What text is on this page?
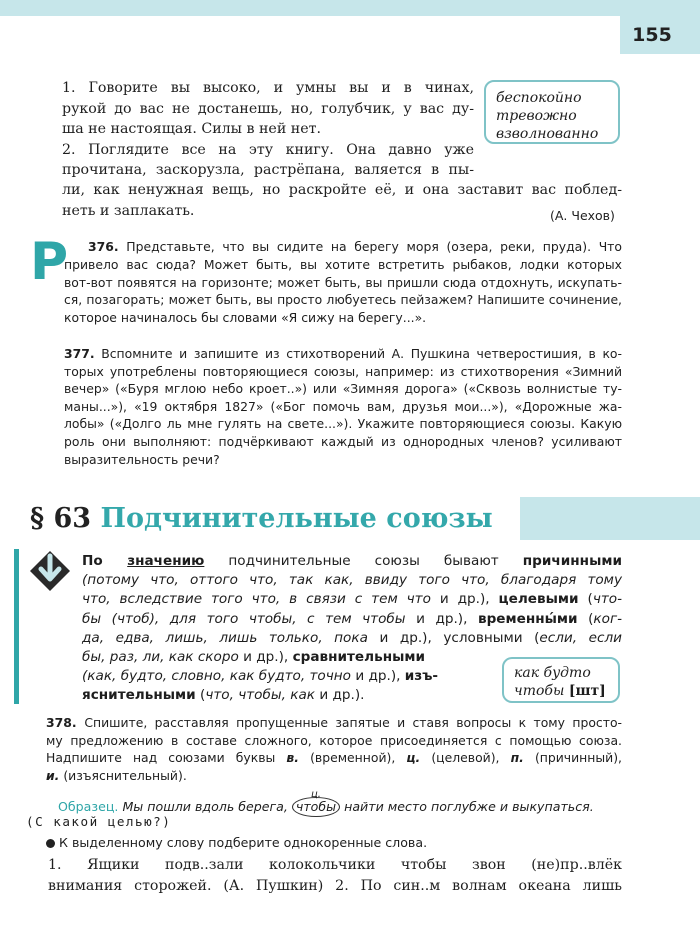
155
1. Говорите вы высоко, и умны вы и в чинах,
рукой до вас не достанешь, но, голубчик, у вас ду-
ша не настоящая. Силы в ней нет.
2. Поглядите все на эту книгу. Она давно уже
прочитана, заскорузла, растрёпана, валяется в пы-
ли, как ненужная вещь, но раскройте её, и она заставит вас поблед-
неть и заплакать.	(А. Чехов)
беспокойно
тревожно
взволнованно
Р	376. Представьте, что вы сидите на берегу моря (озера, реки, пруда). Что
привело вас сюда? Может быть, вы хотите встретить рыбаков, лодки которых
вот-вот появятся на горизонте; может быть, вы пришли сюда отдохнуть, искупать-
ся, позагорать; может быть, вы просто любуетесь пейзажем? Напишите сочинение,
которое начиналось бы словами «Я сижу на берегу...».
377. Вспомните и запишите из стихотворений А. Пушкина четверостишия, в ко-
торых употреблены повторяющиеся союзы, например: из стихотворения «Зимний
вечер» («Буря мглою небо кроет..») или «Зимняя дорога» («Сквозь волнистые ту-
маны...»), «19 октября 1827» («Бог помочь вам, друзья мои...»), «Дорожные жа-
лобы» («Долго ль мне гулять на свете...»). Укажите повторяющиеся союзы. Какую
роль они выполняют: подчёркивают каждый из однородных членов? усиливают
выразительность речи?
§ 63 Подчинительные союзы
По значению подчинительные союзы бывают причинными
(потому что, оттого что, так как, ввиду того что, благодаря тому
что, вследствие того что, в связи с тем что и др.), целевыми (что-
бы (чтоб), для того чтобы, с тем чтобы и др.), временны́ми (ког-
да, едва, лишь, лишь только, пока и др.), условными (если, если
бы, раз, ли, как скоро и др.), сравнительными
(как, будто, словно, как будто, точно и др.), изъ-
яснительными (что, чтобы, как и др.).
как будто
чтобы [шт]
378. Спишите, расставляя пропущенные запятые и ставя вопросы к тому просто-
му предложению в составе сложного, которое присоединяется с помощью союза.
Надпишите над союзами буквы в. (временной), ц. (целевой), п. (причинный),
и. (изъяснительный).
Образец. Мы пошли вдоль берега,
ц.
чтобы найти место поглубже и выкупаться.
(С какой целью?)
К выделенному слову подберите однокоренные слова.
1. Ящики подв..зали колокольчики чтобы звон (не)пр..влёк
внимания сторожей. (А. Пушкин) 2. По син..м волнам океана лишь
